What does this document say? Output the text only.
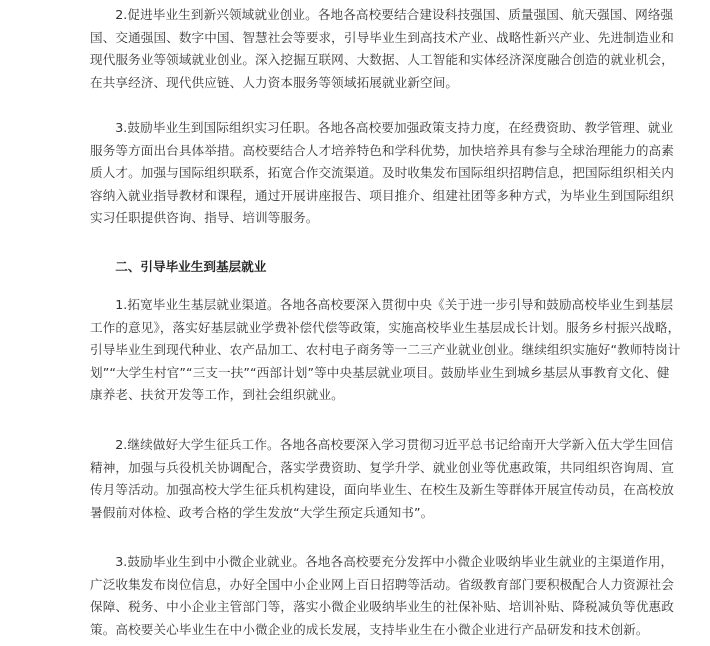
2.促进毕业生到新兴领域就业创业。各地各高校要结合建设科技强国、质量强国、航天强国、网络强国、交通强国、数字中国、智慧社会等要求，引导毕业生到高技术产业、战略性新兴产业、先进制造业和现代服务业等领域就业创业。深入挖掘互联网、大数据、人工智能和实体经济深度融合创造的就业机会，在共享经济、现代供应链、人力资本服务等领域拓展就业新空间。

3.鼓励毕业生到国际组织实习任职。各地各高校要加强政策支持力度，在经费资助、教学管理、就业服务等方面出台具体举措。高校要结合人才培养特色和学科优势，加快培养具有参与全球治理能力的高素质人才。加强与国际组织联系，拓宽合作交流渠道。及时收集发布国际组织招聘信息，把国际组织相关内容纳入就业指导教材和课程，通过开展讲座报告、项目推介、组建社团等多种方式，为毕业生到国际组织实习任职提供咨询、指导、培训等服务。

二、引导毕业生到基层就业

1.拓宽毕业生基层就业渠道。各地各高校要深入贯彻中央《关于进一步引导和鼓励高校毕业生到基层工作的意见》，落实好基层就业学费补偿代偿等政策，实施高校毕业生基层成长计划。服务乡村振兴战略，引导毕业生到现代种业、农产品加工、农村电子商务等一二三产业就业创业。继续组织实施好“教师特岗计划”“大学生村官”“三支一扶”“西部计划”等中央基层就业项目。鼓励毕业生到城乡基层从事教育文化、健康养老、扶贫开发等工作，到社会组织就业。

2.继续做好大学生征兵工作。各地各高校要深入学习贯彻习近平总书记给南开大学新入伍大学生回信精神，加强与兵役机关协调配合，落实学费资助、复学升学、就业创业等优惠政策，共同组织咨询周、宣传月等活动。加强高校大学生征兵机构建设，面向毕业生、在校生及新生等群体开展宣传动员，在高校放暑假前对体检、政考合格的学生发放“大学生预定兵通知书”。

3.鼓励毕业生到中小微企业就业。各地各高校要充分发挥中小微企业吸纳毕业生就业的主渠道作用，广泛收集发布岗位信息，办好全国中小企业网上百日招聘等活动。省级教育部门要积极配合人力资源社会保障、税务、中小企业主管部门等，落实小微企业吸纳毕业生的社保补贴、培训补贴、降税减负等优惠政策。高校要关心毕业生在中小微企业的成长发展，支持毕业生在小微企业进行产品研发和技术创新。
